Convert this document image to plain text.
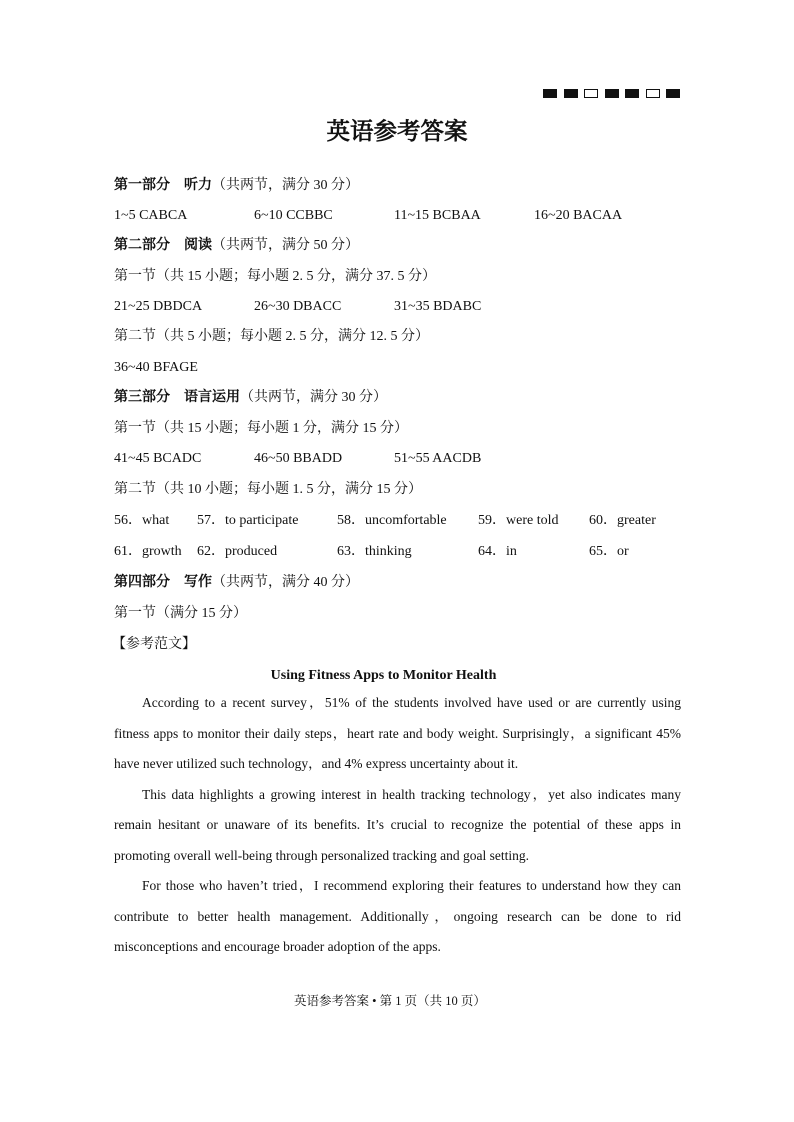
英语参考答案
第一部分 听力（共两节，满分 30 分）
1~5 CABCA	6~10 CCBBC	11~15 BCBAA	16~20 BACAA
第二部分 阅读（共两节，满分 50 分）
第一节（共 15 小题；每小题 2. 5 分，满分 37. 5 分）
21~25 DBDCA	26~30 DBACC	31~35 BDABC
第二节（共 5 小题；每小题 2. 5 分，满分 12. 5 分）
36~40 BFAGE
第三部分 语言运用（共两节，满分 30 分）
第一节（共 15 小题；每小题 1 分，满分 15 分）
41~45 BCADC	46~50 BBADD	51~55 AACDB
第二节（共 10 小题；每小题 1. 5 分，满分 15 分）
56．what 57．to participate	58．uncomfortable 59．were told 60．greater
61．growth 62．produced	63．thinking	64．in	65．or
第四部分 写作（共两节，满分 40 分）
第一节（满分 15 分）
【参考范文】
Using Fitness Apps to Monitor Health
According to a recent survey，51% of the students involved have used or are currently using
fitness apps to monitor their daily steps，heart rate and body weight. Surprisingly，a significant 45%
have never utilized such technology，and 4% express uncertainty about it.
This data highlights a growing interest in health tracking technology，yet also indicates many
remain hesitant or unaware of its benefits. It’s crucial to recognize the potential of these apps in
promoting overall well-being through personalized tracking and goal setting.
For those who haven’t tried，I recommend exploring their features to understand how they can
contribute to better health management. Additionally，ongoing research can be done to rid
misconceptions and encourage broader adoption of the apps.
英语参考答案 • 第 1 页（共 10 页）
